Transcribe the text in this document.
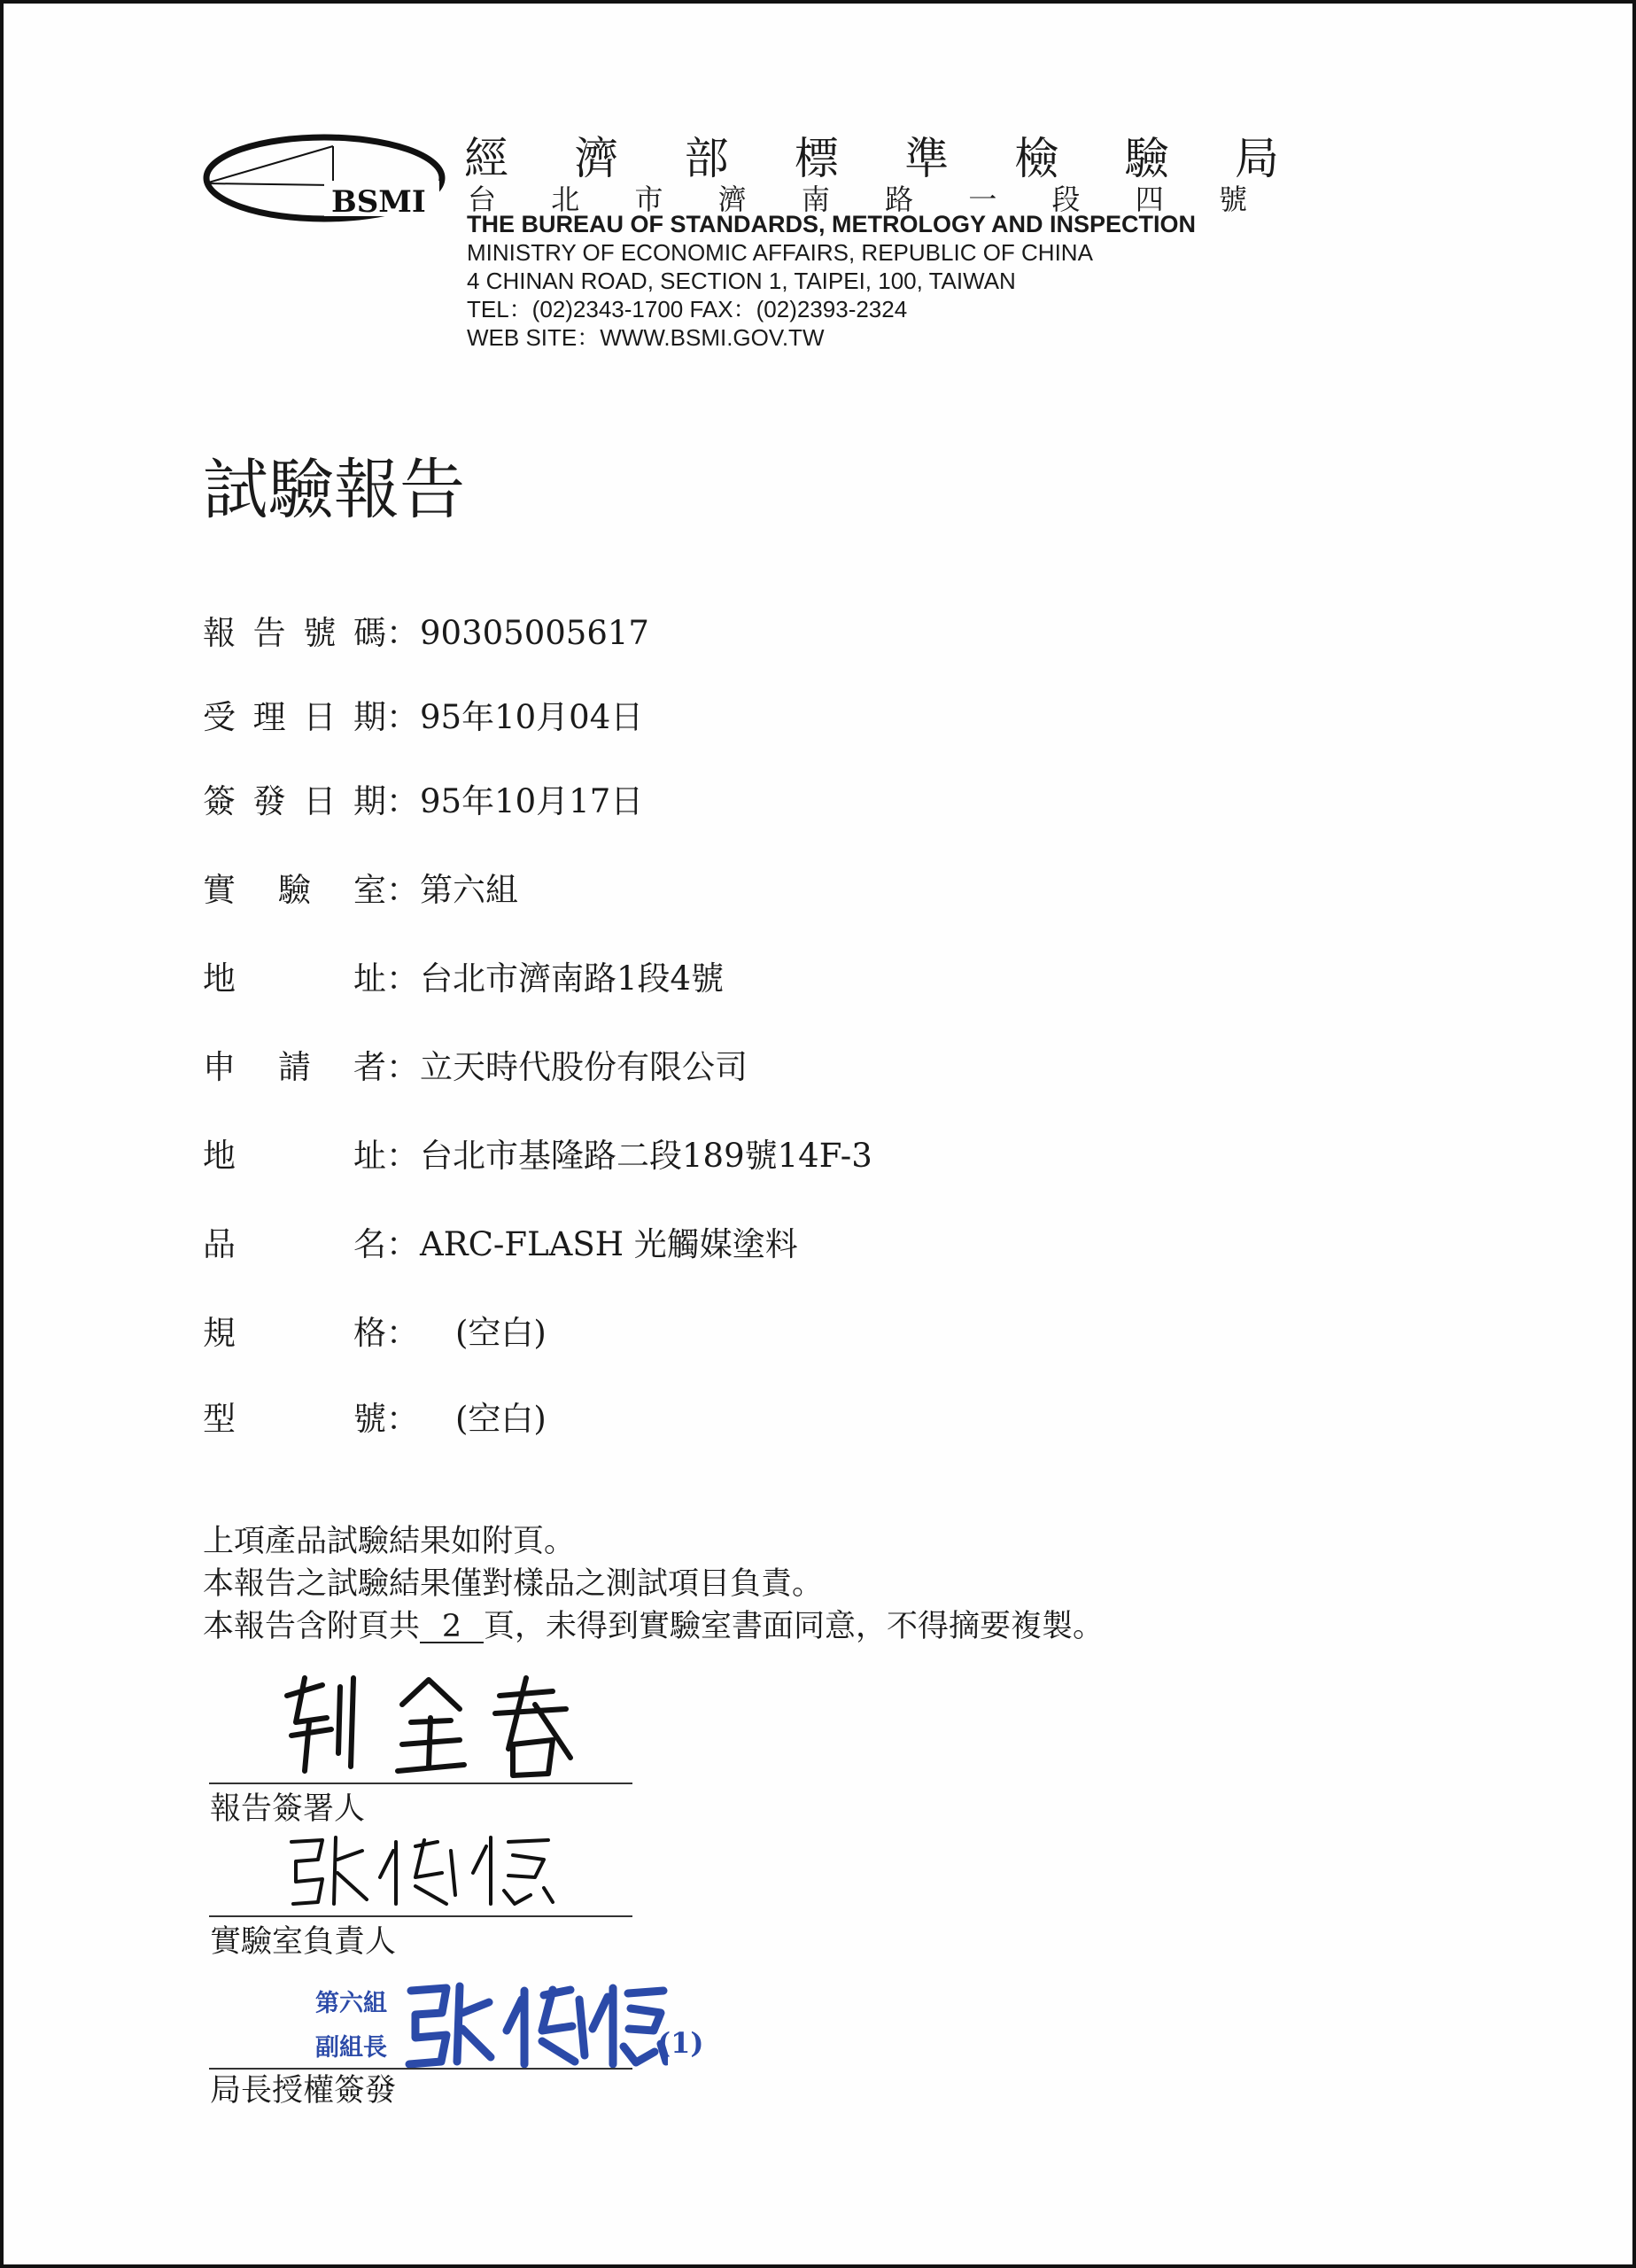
BSMI
經 濟 部 標 準 檢 驗 局
台 北 市 濟 南 路 一 段 四 號
THE BUREAU OF STANDARDS, METROLOGY AND INSPECTION
MINISTRY OF ECONOMIC AFFAIRS, REPUBLIC OF CHINA
4 CHINAN ROAD, SECTION 1, TAIPEI, 100, TAIWAN
TEL：(02)2343-1700 FAX：(02)2393-2324
WEB SITE：WWW.BSMI.GOV.TW
試驗報告
報 告 號 碼 ： 90305005617
受 理 日 期 ： 95年10月04日
簽 發 日 期 ： 95年10月17日
實 驗 室 ： 第六組
地	址 ： 台北市濟南路1段4號
申 請 者 ： 立天時代股份有限公司
地	址 ： 台北市基隆路二段189號14F-3
品	名 ： ARC-FLASH 光觸媒塗料
規	格 ： (空白)
型	號 ： (空白)
上項產品試驗結果如附頁。
本報告之試驗結果僅對樣品之測試項目負責。
本報告含附頁共 2 頁，未得到實驗室書面同意，不得摘要複製。
報告簽署人
實驗室負責人
第六組
副組長	(1)
局長授權簽發
